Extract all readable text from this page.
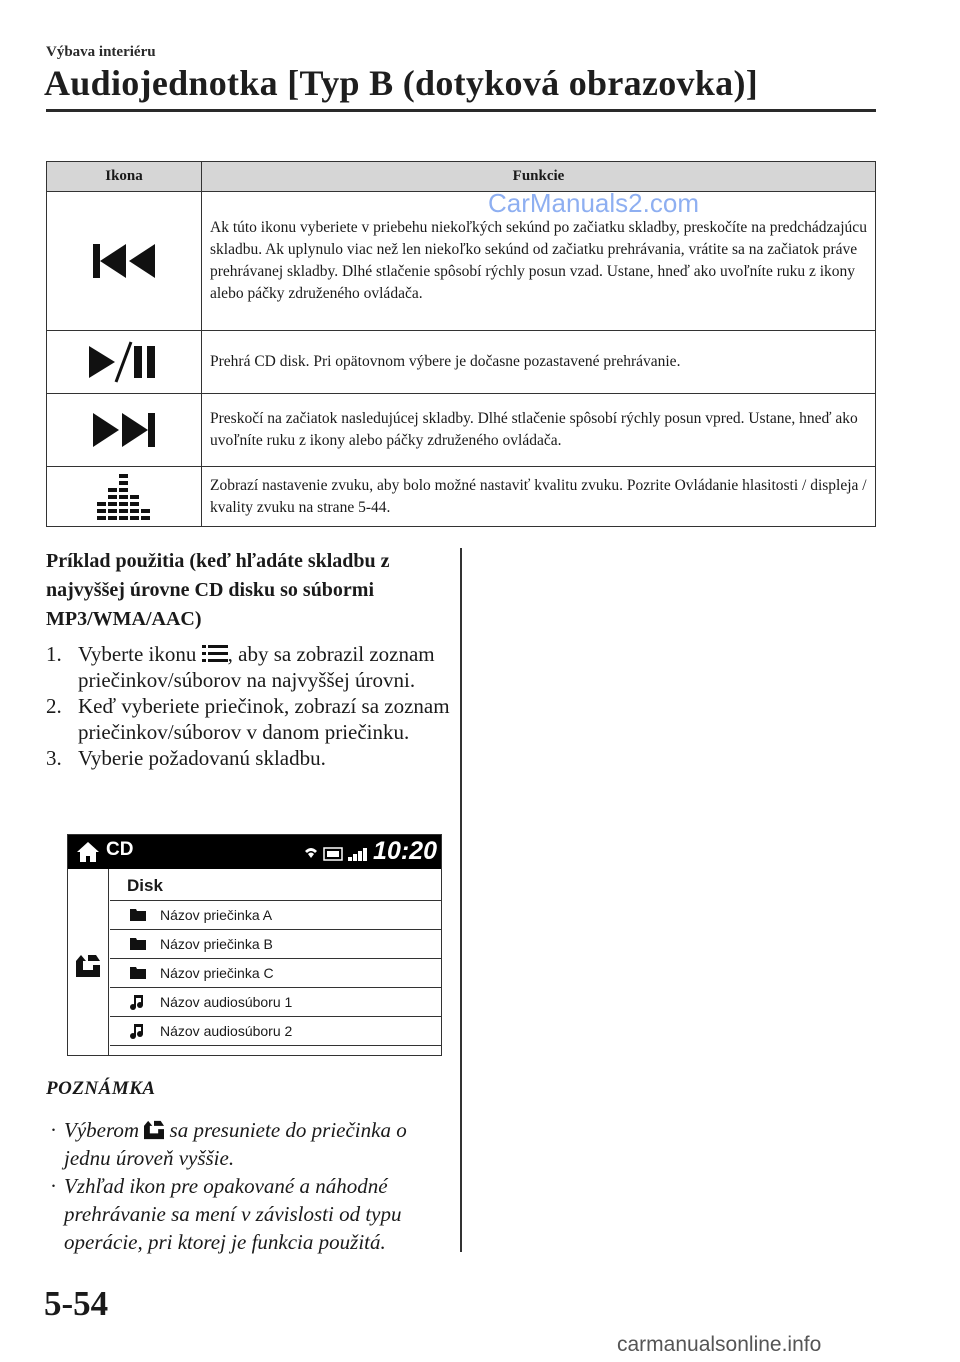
Výbava interiéru
Audiojednotka [Typ B (dotyková obrazovka)]
Ikona	Funkcie

	Ak túto ikonu vyberiete v priebehu niekoľkých sekúnd po začiatku skladby, preskočíte na predchádzajúcu skladbu. Ak uplynulo viac než len niekoľko sekúnd od začiatku prehrávania, vrátite sa na začiatok práve prehrávanej skladby. Dlhé stlačenie spôsobí rýchly posun vzad. Ustane, hneď ako uvoľníte ruku z ikony alebo páčky združeného ovládača.

	Prehrá CD disk. Pri opätovnom výbere je dočasne pozastavené prehrávanie.

	Preskočí na začiatok nasledujúcej skladby. Dlhé stlačenie spôsobí rýchly posun vpred. Ustane, hneď ako uvoľníte ruku z ikony alebo páčky združeného ovládača.

	Zobrazí nastavenie zvuku, aby bolo možné nastaviť kvalitu zvuku. Pozrite Ovládanie hlasitosti / displeja / kvality zvuku na strane 5-44.
CarManuals2.com
Príklad použitia (keď hľadáte skladbu z najvyššej úrovne CD disku so súbormi MP3/WMA/AAC)
1. Vyberte ikonu , aby sa zobrazil zoznam priečinkov/súborov na najvyššej úrovni.
2. Keď vyberiete priečinok, zobrazí sa zoznam priečinkov/súborov v danom priečinku.
3. Vyberie požadovanú skladbu.
CD	10:20
Disk
Názov priečinka A
Názov priečinka B
Názov priečinka C
Názov audiosúboru 1
Názov audiosúboru 2
POZNÁMKA
· Výberom sa presuniete do priečinka o jednu úroveň vyššie.
· Vzhľad ikon pre opakované a náhodné prehrávanie sa mení v závislosti od typu operácie, pri ktorej je funkcia použitá.
5-54
carmanualsonline.info
